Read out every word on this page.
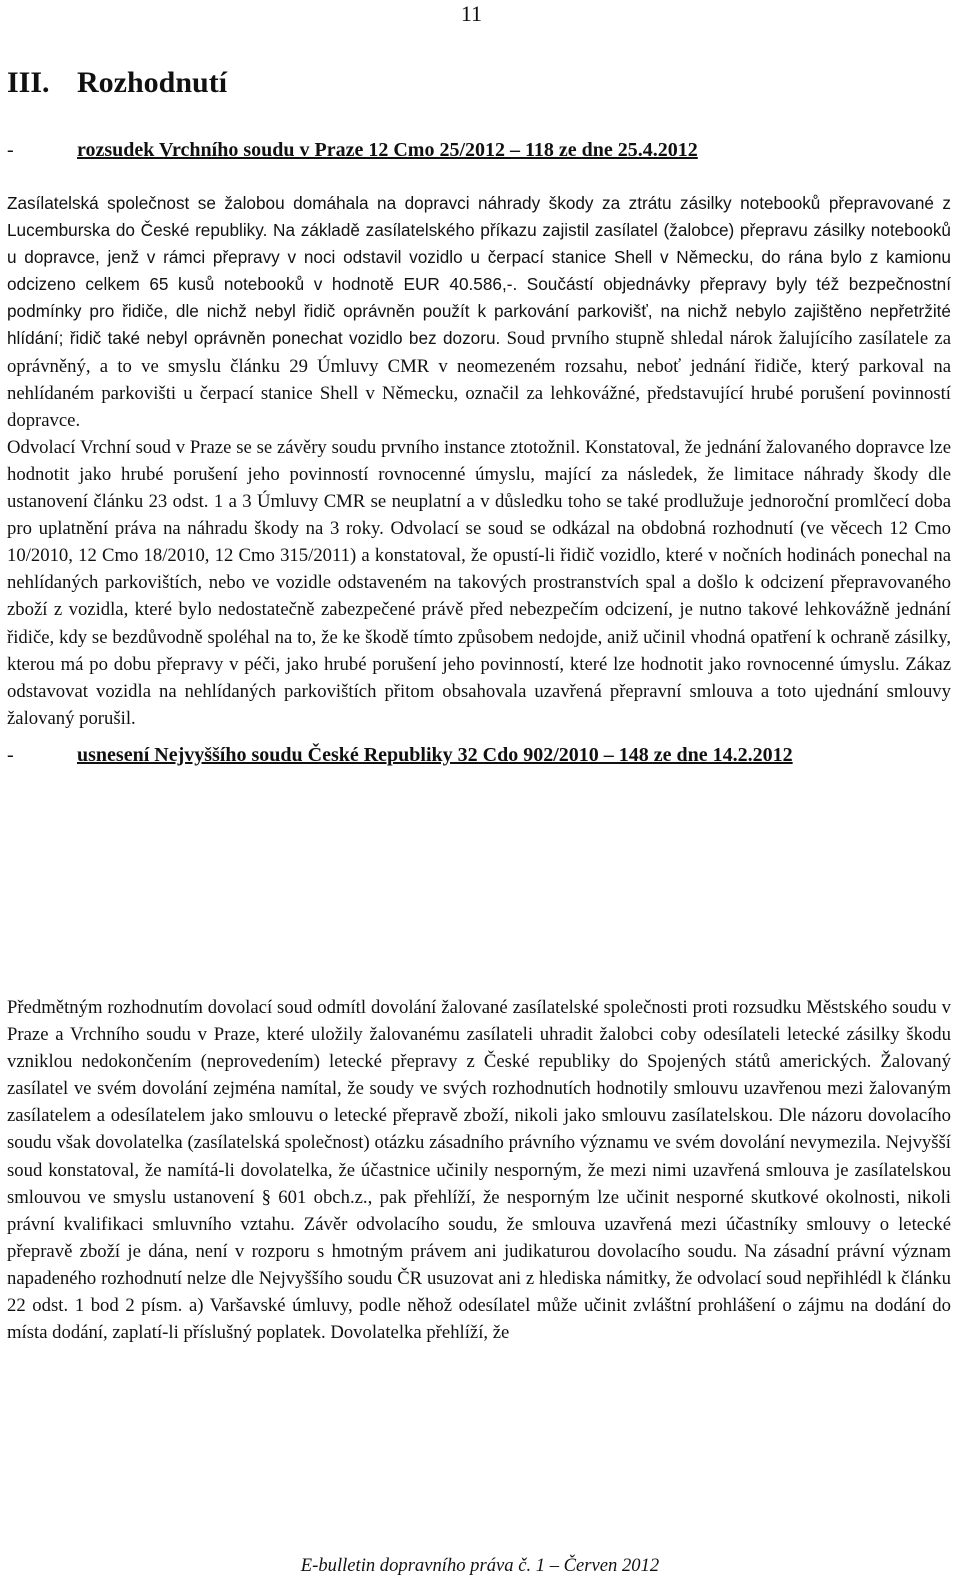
11
III. Rozhodnutí
-	rozsudek Vrchního soudu v Praze 12 Cmo 25/2012 – 118 ze dne 25.4.2012

Zasílatelská společnost se žalobou domáhala na dopravci náhrady škody za ztrátu zásilky notebooků přepravované z Lucemburska do České republiky. Na základě zasílatelského příkazu zajistil zasílatel (žalobce) přepravu zásilky notebooků u dopravce, jenž v rámci přepravy v noci odstavil vozidlo u čerpací stanice Shell v Německu, do rána bylo z kamionu odcizeno celkem 65 kusů notebooků v hodnotě EUR 40.586,-. Součástí objednávky přepravy byly též bezpečnostní podmínky pro řidiče, dle nichž nebyl řidič oprávněn použít k parkování parkovišť, na nichž nebylo zajištěno nepřetržité hlídání; řidič také nebyl oprávněn ponechat vozidlo bez dozoru. Soud prvního stupně shledal nárok žalujícího zasílatele za oprávněný, a to ve smyslu článku 29 Úmluvy CMR v neomezeném rozsahu, neboť jednání řidiče, který parkoval na nehlídaném parkovišti u čerpací stanice Shell v Německu, označil za lehkovážné, představující hrubé porušení povinností dopravce.
Odvolací Vrchní soud v Praze se se závěry soudu prvního instance ztotožnil. Konstatoval, že jednání žalovaného dopravce lze hodnotit jako hrubé porušení jeho povinností rovnocenné úmyslu, mající za následek, že limitace náhrady škody dle ustanovení článku 23 odst. 1 a 3 Úmluvy CMR se neuplatní a v důsledku toho se také prodlužuje jednoroční promlčecí doba pro uplatnění práva na náhradu škody na 3 roky. Odvolací se soud se odkázal na obdobná rozhodnutí (ve věcech 12 Cmo 10/2010, 12 Cmo 18/2010, 12 Cmo 315/2011) a konstatoval, že opustí-li řidič vozidlo, které v nočních hodinách ponechal na nehlídaných parkovištích, nebo ve vozidle odstaveném na takových prostranstvích spal a došlo k odcizení přepravovaného zboží z vozidla, které bylo nedostatečně zabezpečené právě před nebezpečím odcizení, je nutno takové lehkovážně jednání řidiče, kdy se bezdůvodně spoléhal na to, že ke škodě tímto způsobem nedojde, aniž učinil vhodná opatření k ochraně zásilky, kterou má po dobu přepravy v péči, jako hrubé porušení jeho povinností, které lze hodnotit jako rovnocenné úmyslu. Zákaz odstavovat vozidla na nehlídaných parkovištích přitom obsahovala uzavřená přepravní smlouva a toto ujednání smlouvy žalovaný porušil.

-	usnesení Nejvyššího soudu České Republiky 32 Cdo 902/2010 – 148 ze dne 14.2.2012

Předmětným rozhodnutím dovolací soud odmítl dovolání žalované zasílatelské společnosti proti rozsudku Městského soudu v Praze a Vrchního soudu v Praze, které uložily žalovanému zasílateli uhradit žalobci coby odesílateli letecké zásilky škodu vzniklou nedokončením (neprovedením) letecké přepravy z České republiky do Spojených států amerických. Žalovaný zasílatel ve svém dovolání zejména namítal, že soudy ve svých rozhodnutích hodnotily smlouvu uzavřenou mezi žalovaným zasílatelem a odesílatelem jako smlouvu o letecké přepravě zboží, nikoli jako smlouvu zasílatelskou. Dle názoru dovolacího soudu však dovolatelka (zasílatelská společnost) otázku zásadního právního významu ve svém dovolání nevymezila. Nejvyšší soud konstatoval, že namítá-li dovolatelka, že účastnice učinily nesporným, že mezi nimi uzavřená smlouva je zasílatelskou smlouvou ve smyslu ustanovení § 601 obch.z., pak přehlíží, že nesporným lze učinit nesporné skutkové okolnosti, nikoli právní kvalifikaci smluvního vztahu. Závěr odvolacího soudu, že smlouva uzavřená mezi účastníky smlouvy o letecké přepravě zboží je dána, není v rozporu s hmotným právem ani judikaturou dovolacího soudu. Na zásadní právní význam napadeného rozhodnutí nelze dle Nejvyššího soudu ČR usuzovat ani z hlediska námitky, že odvolací soud nepřihlédl k článku 22 odst. 1 bod 2 písm. a) Varšavské úmluvy, podle něhož odesílatel může učinit zvláštní prohlášení o zájmu na dodání do místa dodání, zaplatí-li příslušný poplatek. Dovolatelka přehlíží, že

E-bulletin dopravního práva č. 1 – Červen 2012
